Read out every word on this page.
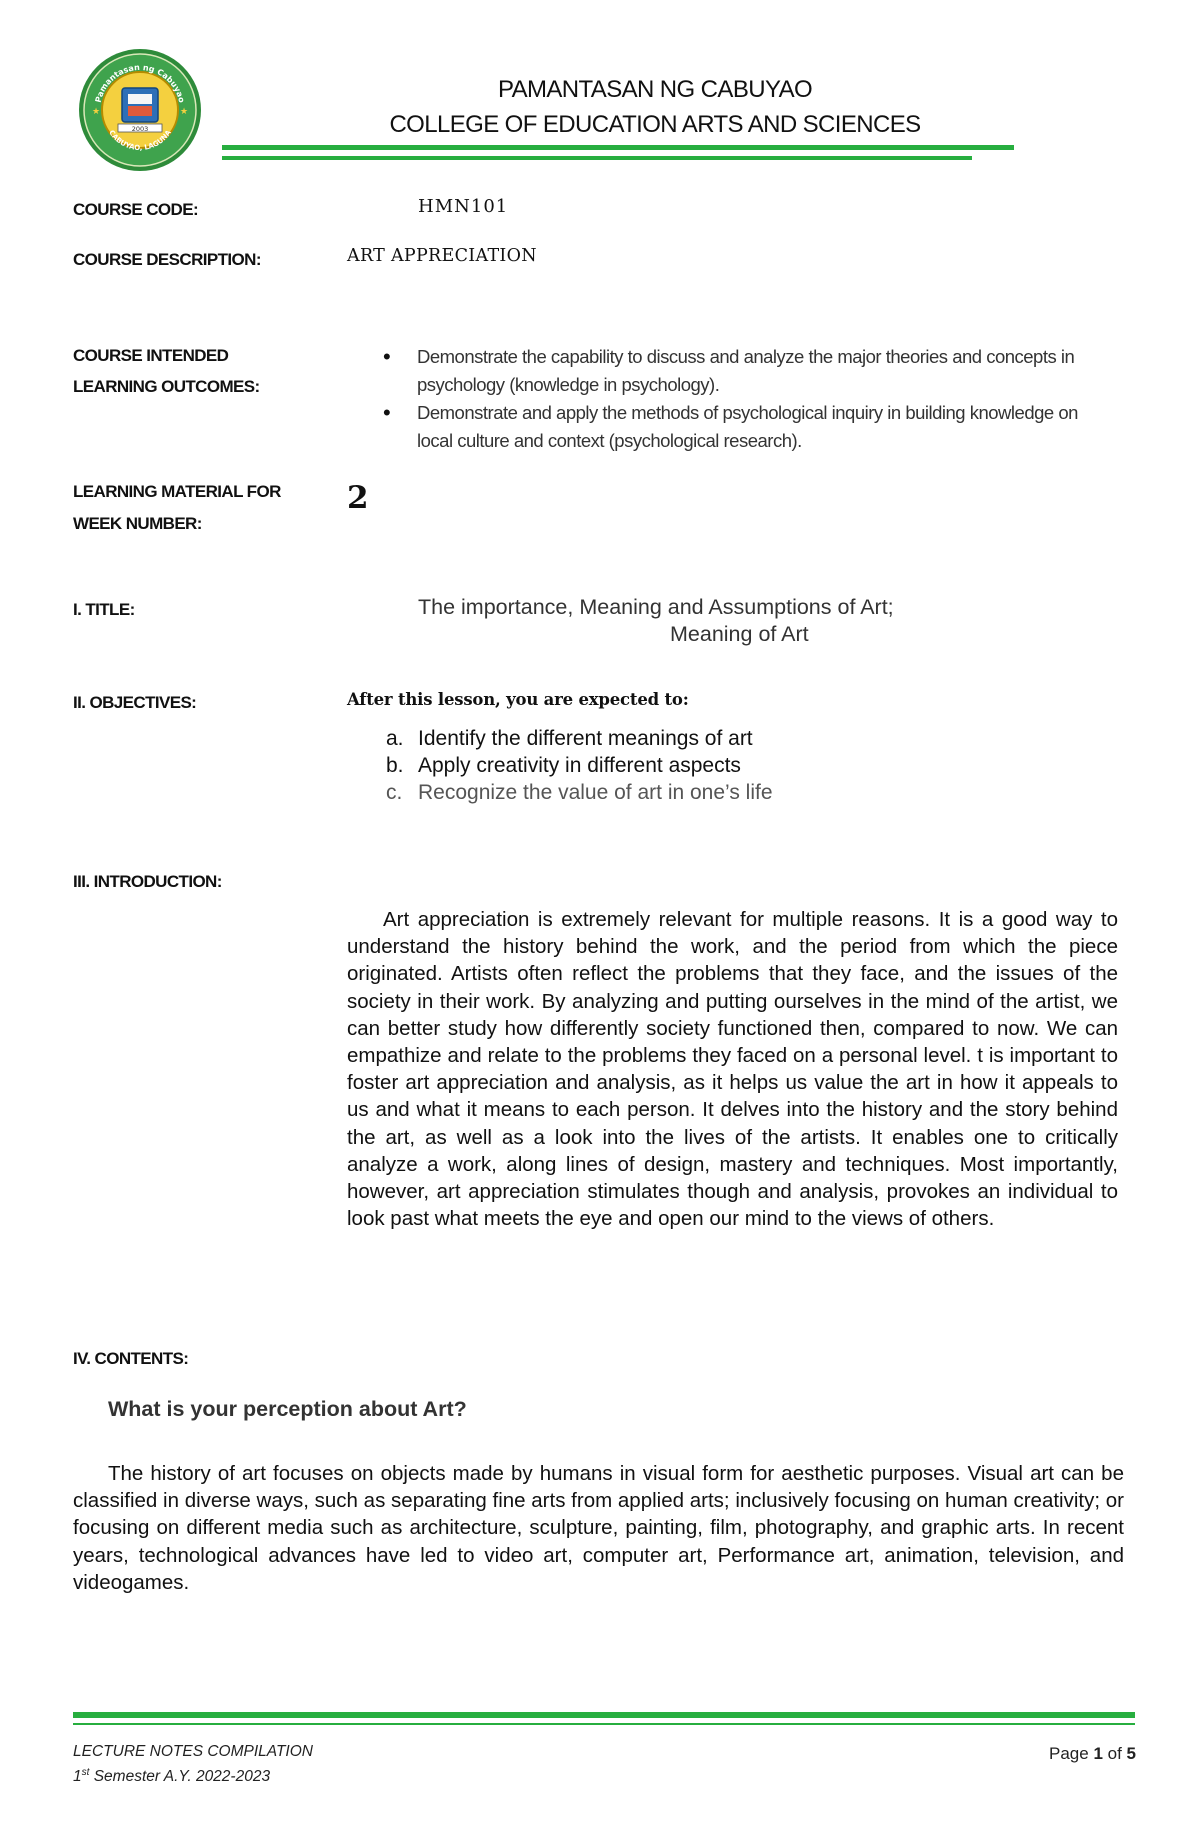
Pamantasan ng Cabuyao
CABUYAO, LAGUNA
2003
★	★
PAMANTASAN NG CABUYAO
COLLEGE OF EDUCATION ARTS AND SCIENCES
COURSE CODE:	HMN101
COURSE DESCRIPTION:	ART APPRECIATION
COURSE INTENDED
LEARNING OUTCOMES:
• Demonstrate the capability to discuss and analyze the major theories and concepts in psychology (knowledge in psychology).
• Demonstrate and apply the methods of psychological inquiry in building knowledge on local culture and context (psychological research).
LEARNING MATERIAL FOR
WEEK NUMBER:
2
I. TITLE:	The importance, Meaning and Assumptions of Art;
Meaning of Art
II. OBJECTIVES:	After this lesson, you are expected to:
a. Identify the different meanings of art
b. Apply creativity in different aspects
c. Recognize the value of art in one’s life
III. INTRODUCTION:
Art appreciation is extremely relevant for multiple reasons. It is a good way to understand the history behind the work, and the period from which the piece originated. Artists often reflect the problems that they face, and the issues of the society in their work. By analyzing and putting ourselves in the mind of the artist, we can better study how differently society functioned then, compared to now. We can empathize and relate to the problems they faced on a personal level. t is important to foster art appreciation and analysis, as it helps us value the art in how it appeals to us and what it means to each person. It delves into the history and the story behind the art, as well as a look into the lives of the artists. It enables one to critically analyze a work, along lines of design, mastery and techniques. Most importantly, however, art appreciation stimulates though and analysis, provokes an individual to look past what meets the eye and open our mind to the views of others.
IV. CONTENTS:
What is your perception about Art?
The history of art focuses on objects made by humans in visual form for aesthetic purposes. Visual art can be classified in diverse ways, such as separating fine arts from applied arts; inclusively focusing on human creativity; or focusing on different media such as architecture, sculpture, painting, film, photography, and graphic arts. In recent years, technological advances have led to video art, computer art, Performance art, animation, television, and videogames.
LECTURE NOTES COMPILATION
1st Semester A.Y. 2022-2023
Page 1 of 5
